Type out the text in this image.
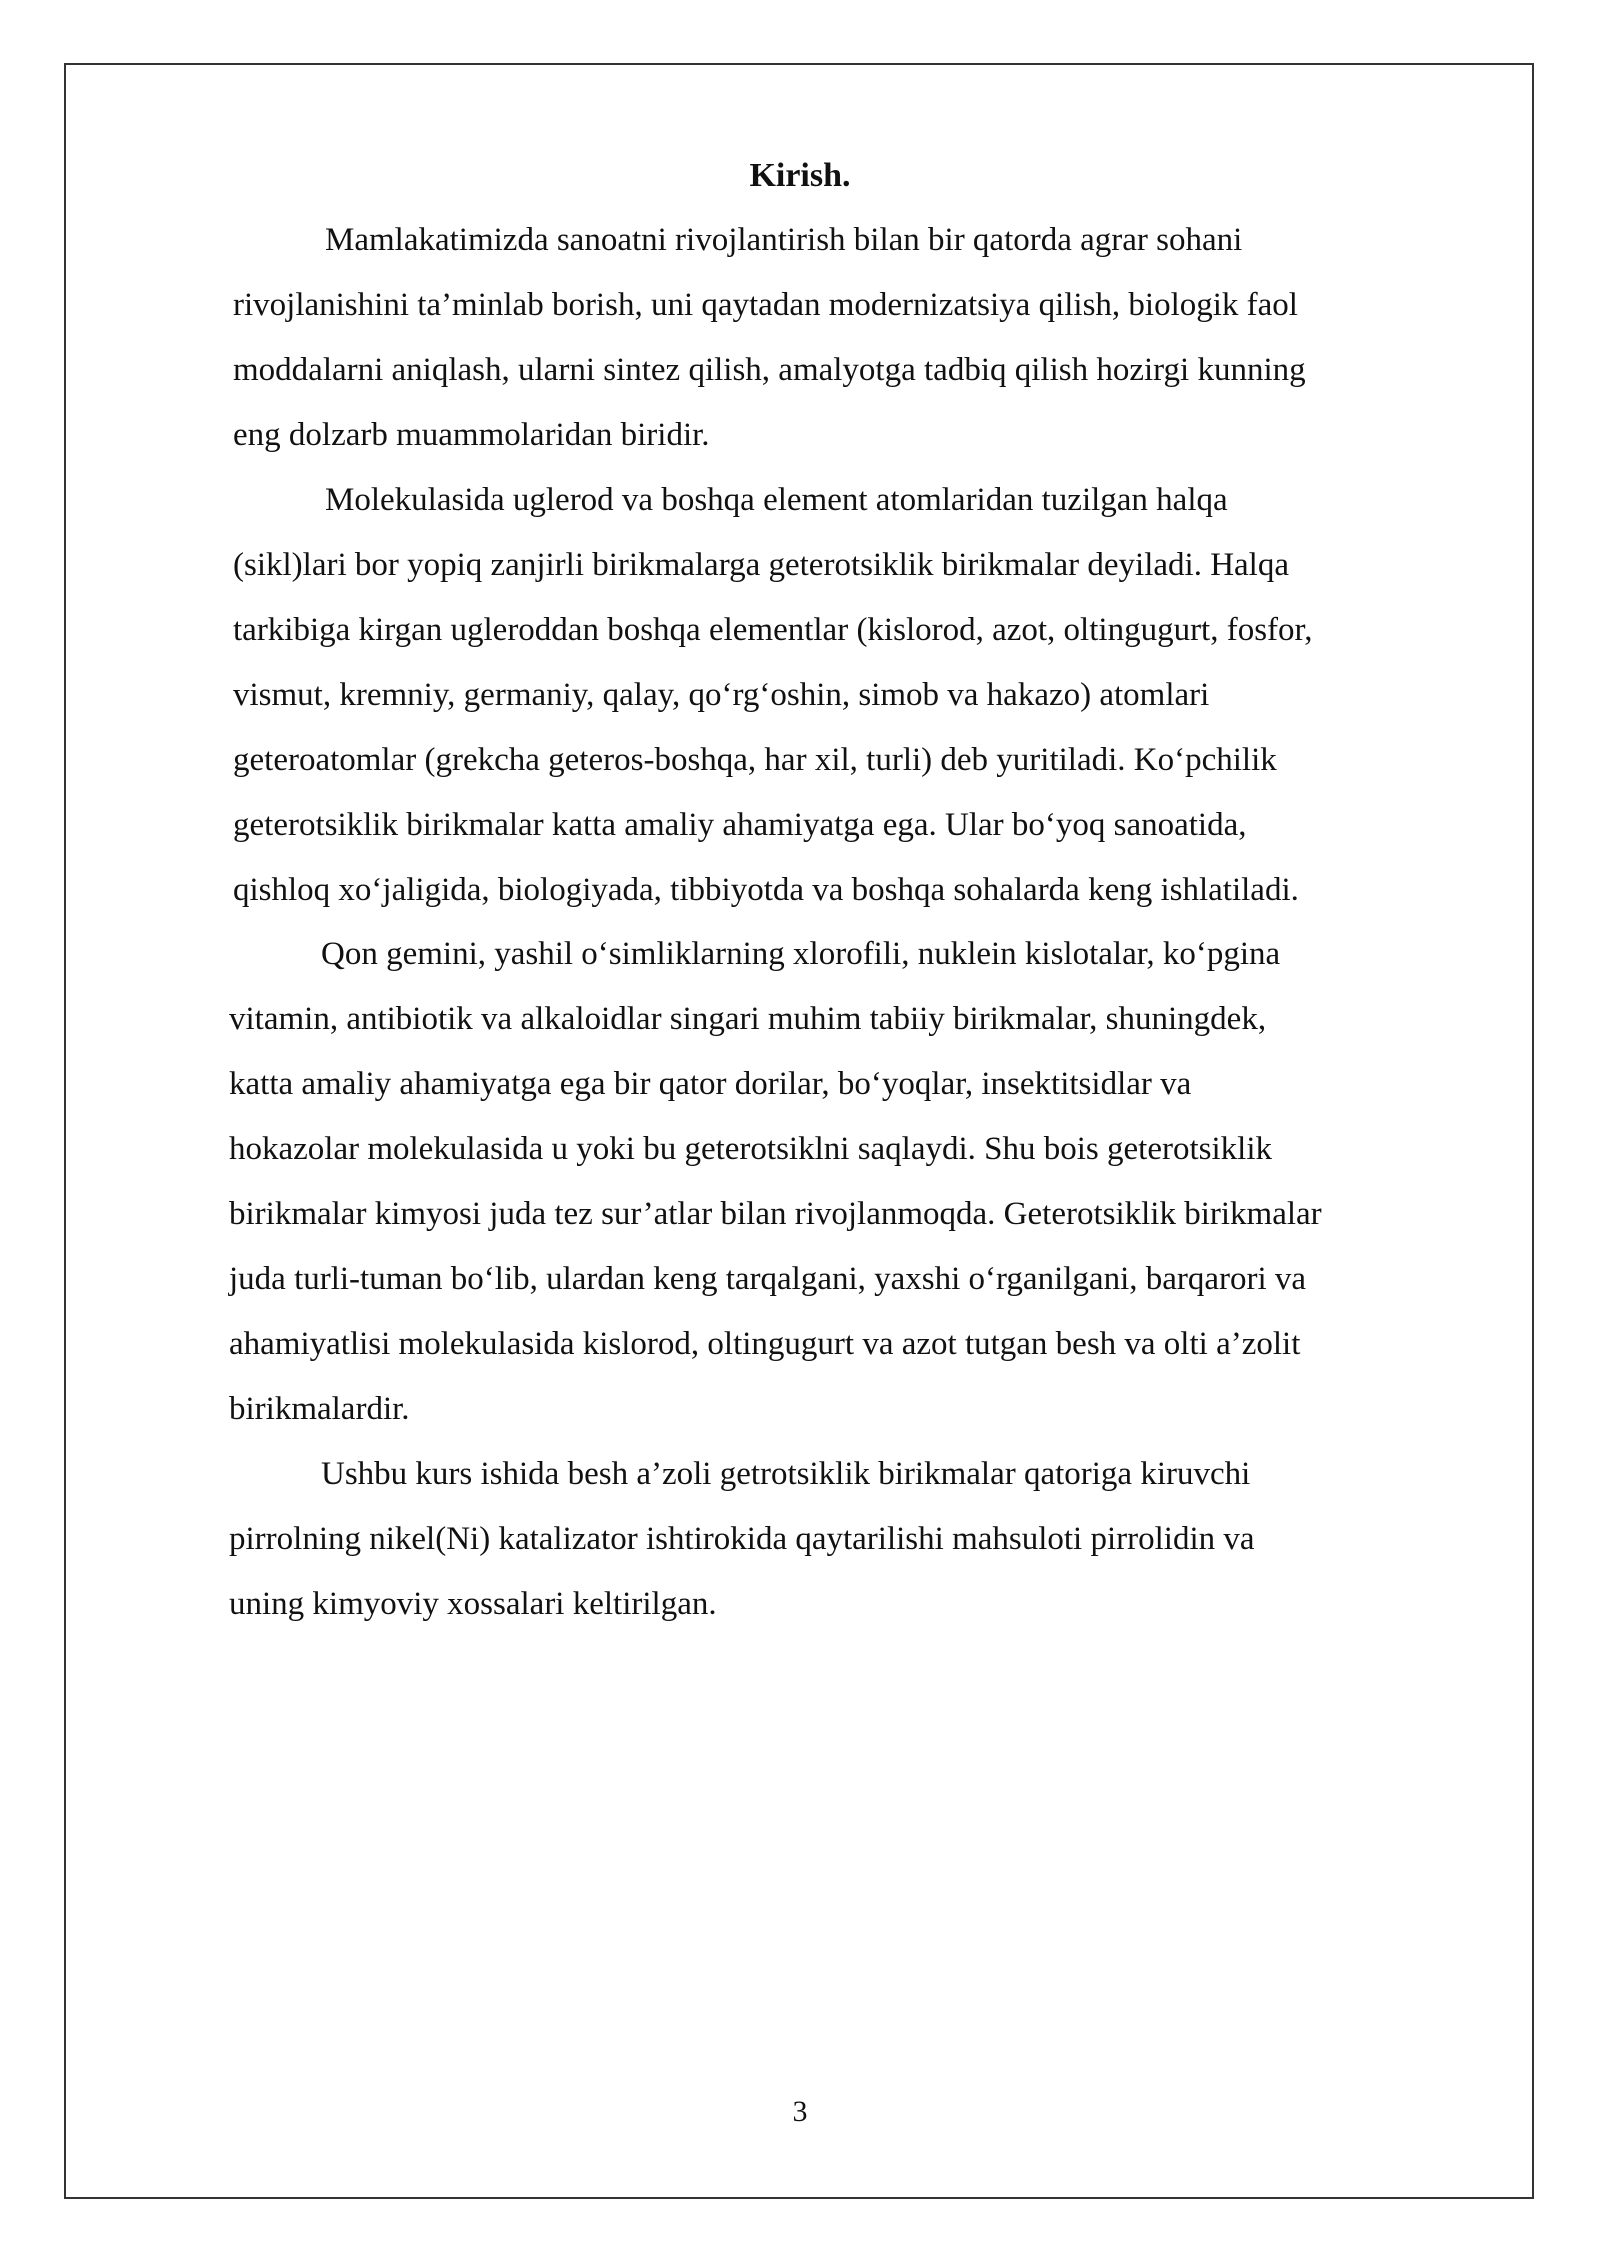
Kirish.
Mamlakatimizda sanoatni rivojlantirish bilan bir qatorda agrar sohani
rivojlanishini ta’minlab borish, uni qaytadan modernizatsiya qilish, biologik faol
moddalarni aniqlash, ularni sintez qilish, amalyotga tadbiq qilish hozirgi kunning
eng dolzarb muammolaridan biridir.
Molekulasida uglerod va boshqa element atomlaridan tuzilgan halqa
(sikl)lari bor yopiq zanjirli birikmalarga geterotsiklik birikmalar deyiladi. Halqa
tarkibiga kirgan ugleroddan boshqa elementlar (kislorod, azot, oltingugurt, fosfor,
vismut, kremniy, germaniy, qalay, qo‘rg‘oshin, simob va hakazo) atomlari
geteroatomlar (grekcha geteros-boshqa, har xil, turli) deb yuritiladi. Ko‘pchilik
geterotsiklik birikmalar katta amaliy ahamiyatga ega. Ular bo‘yoq sanoatida,
qishloq xo‘jaligida, biologiyada, tibbiyotda va boshqa sohalarda keng ishlatiladi.
Qon gemini, yashil o‘simliklarning xlorofili, nuklein kislotalar, ko‘pgina
vitamin, antibiotik va alkaloidlar singari muhim tabiiy birikmalar, shuningdek,
katta amaliy ahamiyatga ega bir qator dorilar, bo‘yoqlar, insektitsidlar va
hokazolar molekulasida u yoki bu geterotsiklni saqlaydi. Shu bois geterotsiklik
birikmalar kimyosi juda tez sur’atlar bilan rivojlanmoqda. Geterotsiklik birikmalar
juda turli-tuman bo‘lib, ulardan keng tarqalgani, yaxshi o‘rganilgani, barqarori va
ahamiyatlisi molekulasida kislorod, oltingugurt va azot tutgan besh va olti a’zolit
birikmalardir.
Ushbu kurs ishida besh a’zoli getrotsiklik birikmalar qatoriga kiruvchi
pirrolning nikel(Ni) katalizator ishtirokida qaytarilishi mahsuloti pirrolidin va
uning kimyoviy xossalari keltirilgan.

3
